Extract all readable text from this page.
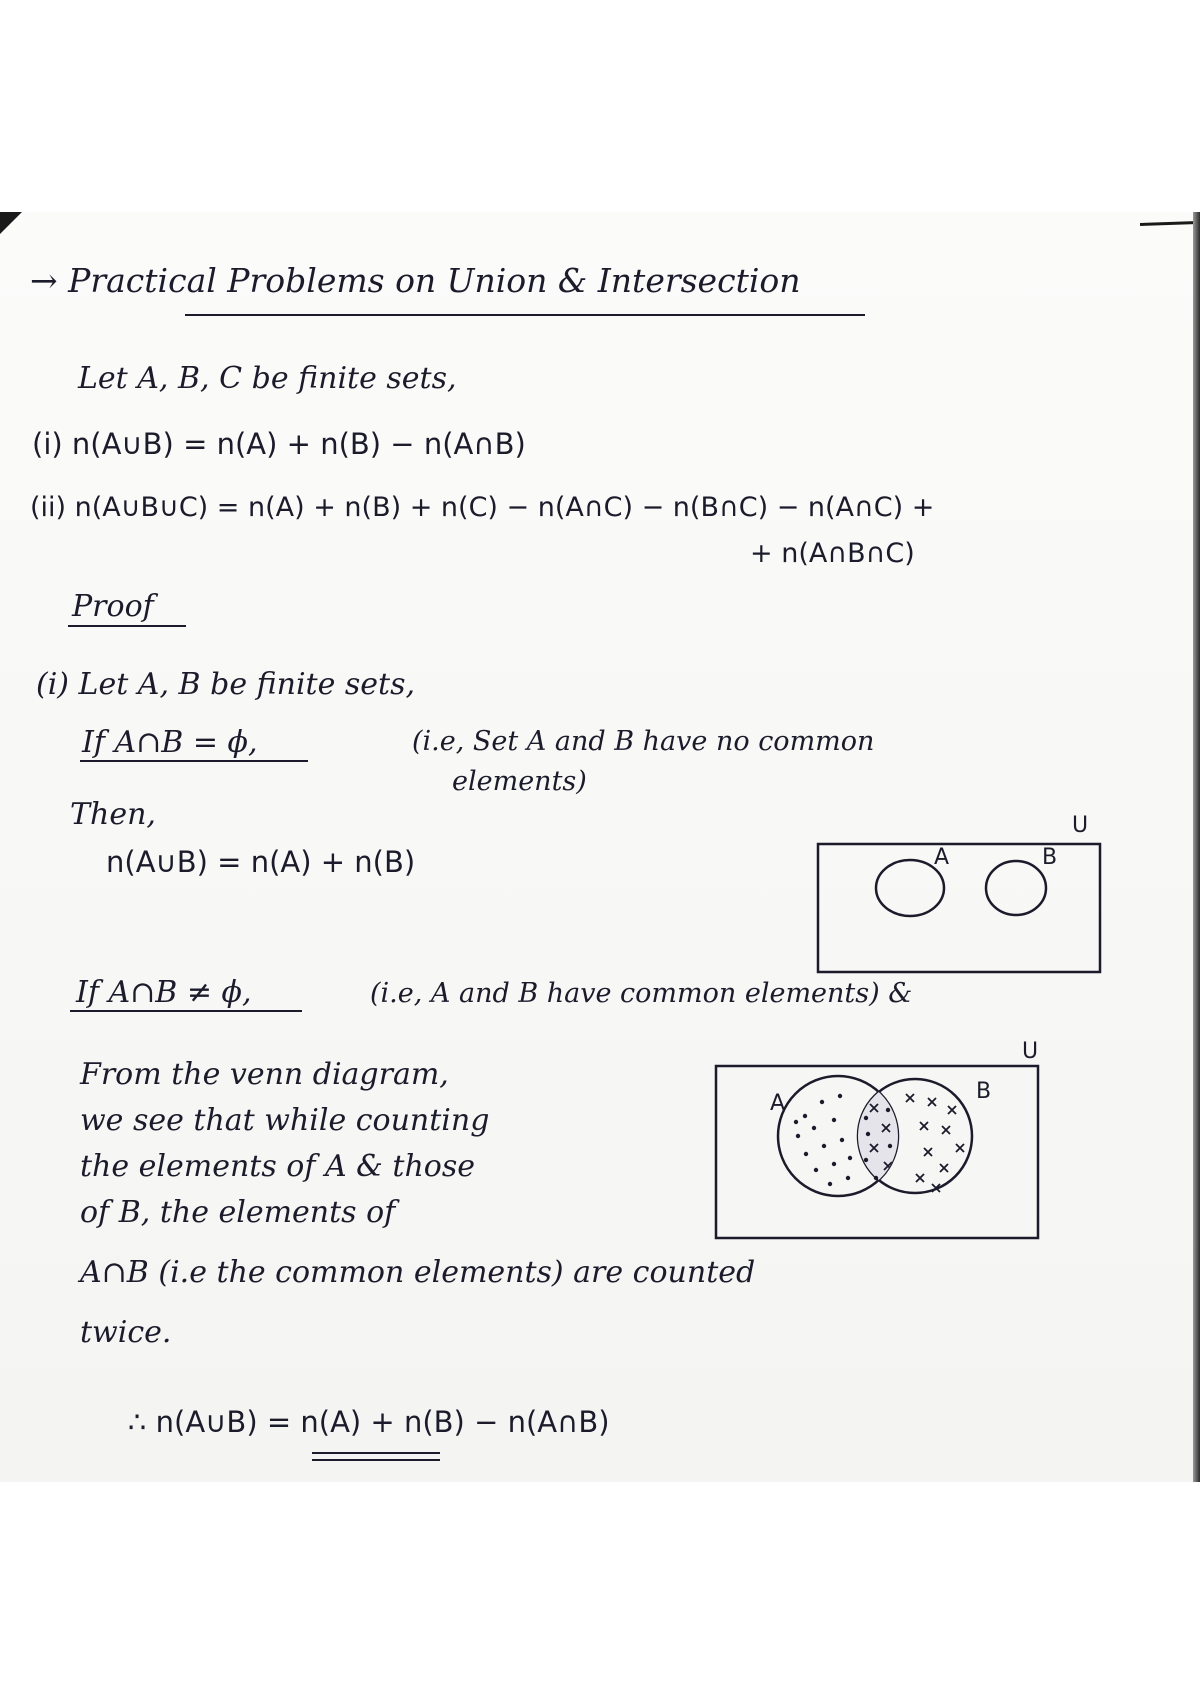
→ Practical Problems on Union & Intersection

Let A, B, C be finite sets,

(i) n(A∪B) = n(A) + n(B) − n(A∩B)

(ii) n(A∪B∪C) = n(A) + n(B) + n(C) − n(A∩C) − n(B∩C) − n(A∩C) +

+ n(A∩B∩C)

Proof

(i) Let A, B be finite sets,

If A∩B = ϕ,	(i.e, Set A and B have no common

elements)

Then,

n(A∪B) = n(A) + n(B)

U
A	B

If A∩B ≠ ϕ,	(i.e, A and B have common elements) &

From the venn diagram,

we see that while counting

the elements of A & those

of B, the elements of

A∩B (i.e the common elements) are counted

twice.

U
A	B

∴ n(A∪B) = n(A) + n(B) − n(A∩B)
